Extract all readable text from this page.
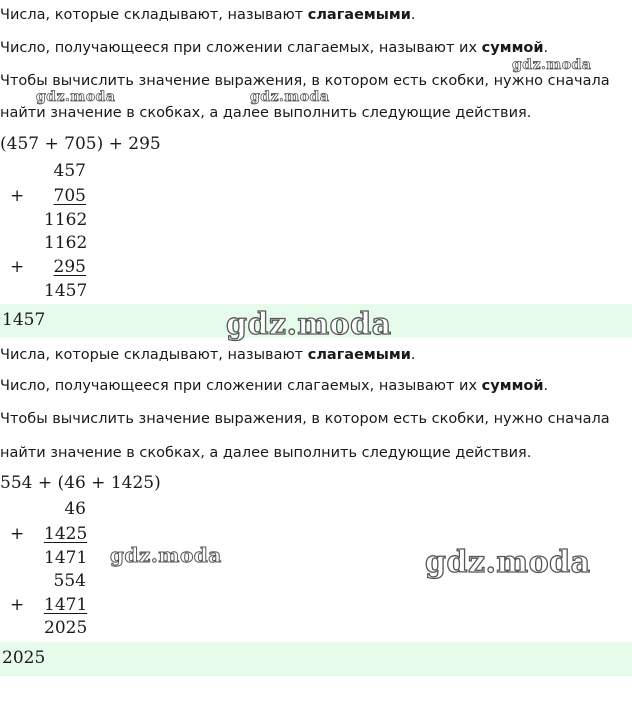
Числа, которые складывают, называют слагаемыми.
Число, получающееся при сложении слагаемых, называют их суммой.
Чтобы вычислить значение выражения, в котором есть скобки, нужно сначала
найти значение в скобках, а далее выполнить следующие действия.
(457 + 705) + 295
457
+	705
1162
1162
+	295
1457
1457
Числа, которые складывают, называют слагаемыми.
Число, получающееся при сложении слагаемых, называют их суммой.
Чтобы вычислить значение выражения, в котором есть скобки, нужно сначала
найти значение в скобках, а далее выполнить следующие действия.
554 + (46 + 1425)
46
+ 1425
1471
554
+ 1471
2025
2025
gdz.moda
gdz.moda	gdz.moda
gdz.moda
gdz.moda	gdz.moda
